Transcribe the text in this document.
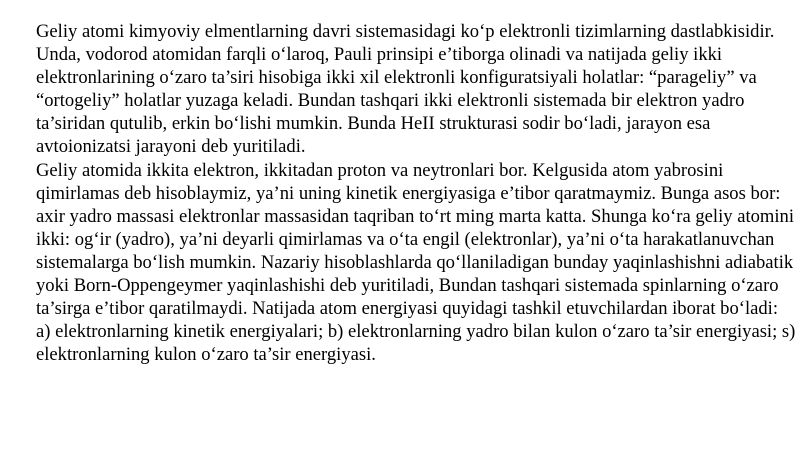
Geliy atomi kimyoviy elmentlarning davri sistemasidagi ko‘p elektronli tizimlarning dastlabkisidir. Unda, vodorod atomidan farqli o‘laroq, Pauli prinsipi e’tiborga olinadi va natijada geliy ikki elektronlarining o‘zaro ta’siri hisobiga ikki xil elektronli konfiguratsiyali holatlar: “parageliy” va “ortogeliy” holatlar yuzaga keladi. Bundan tashqari ikki elektronli sistemada bir elektron yadro ta’siridan qutulib, erkin bo‘lishi mumkin. Bunda HeII strukturasi sodir bo‘ladi, jarayon esa avtoionizatsi jarayoni deb yuritiladi.

Geliy atomida ikkita elektron, ikkitadan proton va neytronlari bor. Kelgusida atom yabrosini qimirlamas deb hisoblaymiz, ya’ni uning kinetik energiyasiga e’tibor qaratmaymiz. Bunga asos bor: axir yadro massasi elektronlar massasidan taqriban to‘rt ming marta katta. Shunga ko‘ra geliy atomini ikki: og‘ir (yadro), ya’ni deyarli qimirlamas va o‘ta engil (elektronlar), ya’ni o‘ta harakatlanuvchan sistemalarga bo‘lish mumkin. Nazariy hisoblashlarda qo‘llaniladigan bunday yaqinlashishni adiabatik yoki Born-Oppengeymer yaqinlashishi deb yuritiladi, Bundan tashqari sistemada spinlarning o‘zaro ta’sirga e’tibor qaratilmaydi. Natijada atom energiyasi quyidagi tashkil etuvchilardan iborat bo‘ladi: a) elektronlarning kinetik energiyalari; b) elektronlarning yadro bilan kulon o‘zaro ta’sir energiyasi; s) elektronlarning kulon o‘zaro ta’sir energiyasi.
